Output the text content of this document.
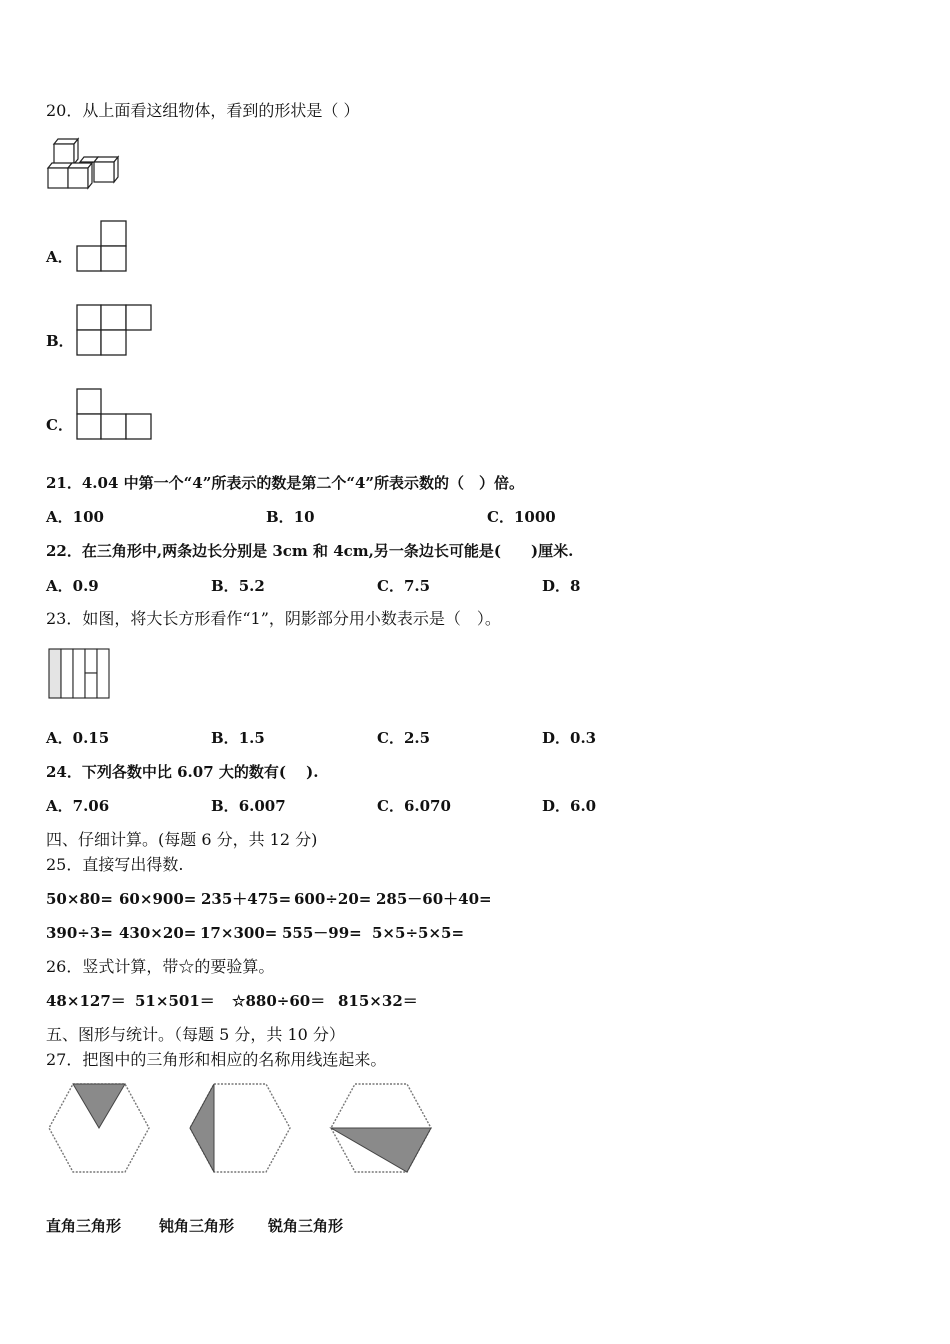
20．从上面看这组物体，看到的形状是（ ）
A．
B．
C．
21．4.04 中第一个“4”所表示的数是第二个“4”所表示数的（　）倍。
A．100	B．10	C．1000
22．在三角形中,两条边长分别是 3cm 和 4cm,另一条边长可能是(　　)厘米.
A．0.9	B．5.2	C．7.5	D．8
23．如图，将大长方形看作“1”，阴影部分用小数表示是（　）。
A．0.15	B．1.5	C．2.5	D．0.3
24．下列各数中比 6.07 大的数有(　 ).
A．7.06	B．6.007	C．6.070	D．6.0
四、仔细计算。(每题 6 分，共 12 分)
25．直接写出得数.
50×80= 60×900= 235＋475= 600÷20= 285－60＋40=
390÷3= 430×20= 17×300= 555－99= 5×5÷5×5=
26．竖式计算，带☆的要验算。
48×127＝ 51×501＝ ☆880÷60＝ 815×32＝
五、图形与统计。（每题 5 分，共 10 分）
27．把图中的三角形和相应的名称用线连起来。
直角三角形	钝角三角形 锐角三角形
